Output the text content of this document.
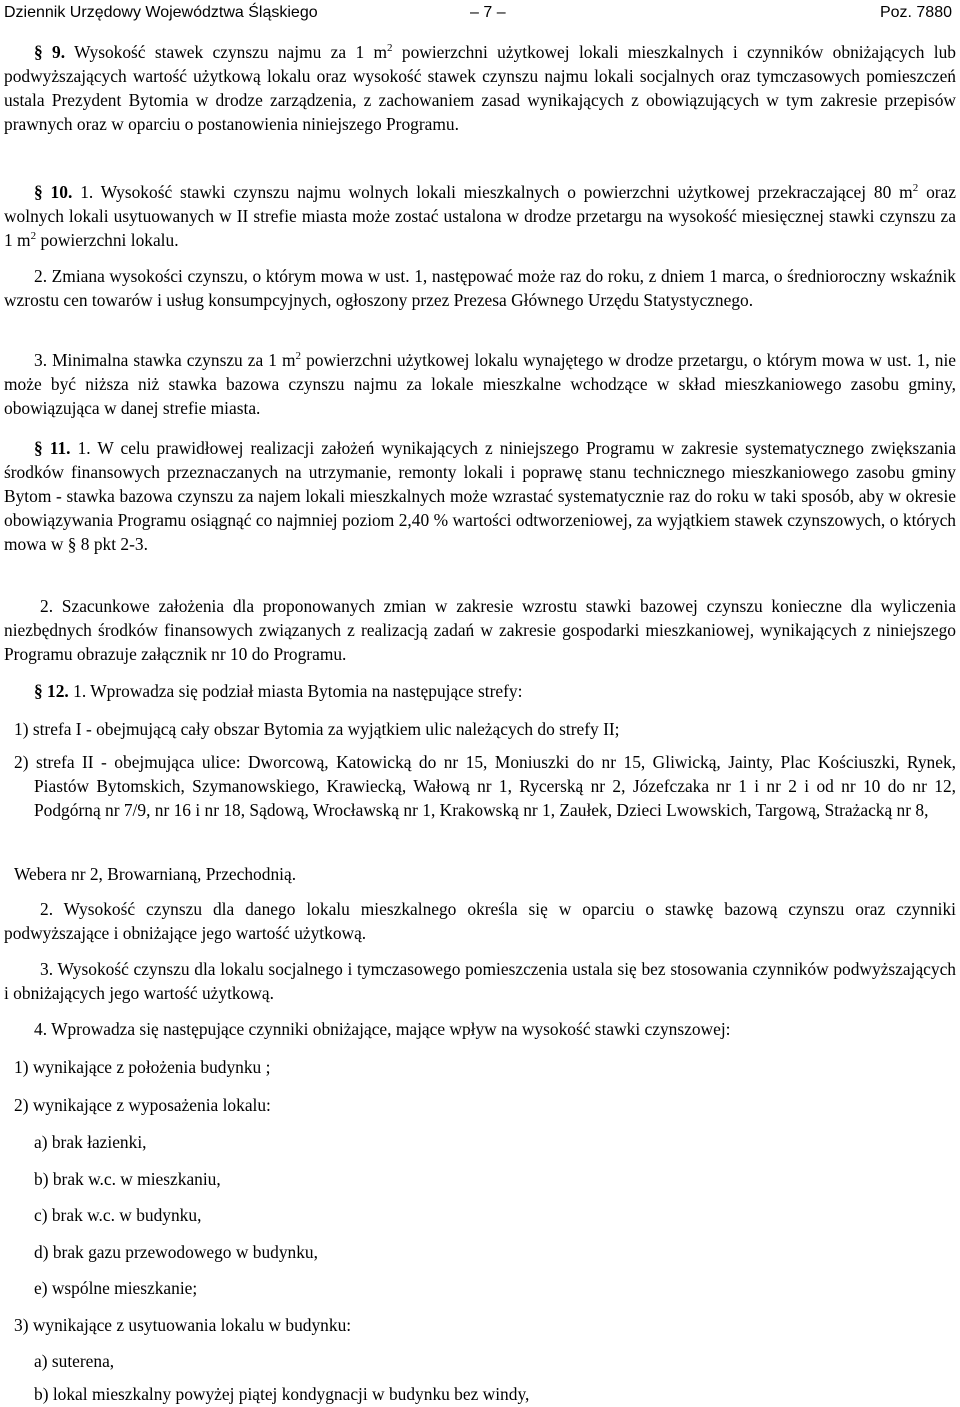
Dziennik Urzędowy Województwa Śląskiego	– 7 –	Poz. 7880

§ 9. Wysokość stawek czynszu najmu za 1 $m^2$ powierzchni użytkowej lokali mieszkalnych i czynników obniżających lub podwyższających wartość użytkową lokalu oraz wysokość stawek czynszu najmu lokali socjalnych oraz tymczasowych pomieszczeń ustala Prezydent Bytomia w drodze zarządzenia, z zachowaniem zasad wynikających z obowiązujących w tym zakresie przepisów prawnych oraz w oparciu o postanowienia niniejszego Programu.

§ 10. 1. Wysokość stawki czynszu najmu wolnych lokali mieszkalnych o powierzchni użytkowej przekraczającej 80 $m^2$ oraz wolnych lokali usytuowanych w II strefie miasta może zostać ustalona w drodze przetargu na wysokość miesięcznej stawki czynszu za 1 $m^2$ powierzchni lokalu.

2. Zmiana wysokości czynszu, o którym mowa w ust. 1, następować może raz do roku, z dniem 1 marca, o średnioroczny wskaźnik wzrostu cen towarów i usług konsumpcyjnych, ogłoszony przez Prezesa Głównego Urzędu Statystycznego.

3. Minimalna stawka czynszu za 1 $m^2$ powierzchni użytkowej lokalu wynajętego w drodze przetargu, o którym mowa w ust. 1, nie może być niższa niż stawka bazowa czynszu najmu za lokale mieszkalne wchodzące w skład mieszkaniowego zasobu gminy, obowiązująca w danej strefie miasta.

§ 11. 1. W celu prawidłowej realizacji założeń wynikających z niniejszego Programu w zakresie systematycznego zwiększania środków finansowych przeznaczanych na utrzymanie, remonty lokali i poprawę stanu technicznego mieszkaniowego zasobu gminy Bytom - stawka bazowa czynszu za najem lokali mieszkalnych może wzrastać systematycznie raz do roku w taki sposób, aby w okresie obowiązywania Programu osiągnąć co najmniej poziom 2,40 % wartości odtworzeniowej, za wyjątkiem stawek czynszowych, o których mowa w § 8 pkt 2-3.

2. Szacunkowe założenia dla proponowanych zmian w zakresie wzrostu stawki bazowej czynszu konieczne dla wyliczenia niezbędnych środków finansowych związanych z realizacją zadań w zakresie gospodarki mieszkaniowej, wynikających z niniejszego Programu obrazuje załącznik nr 10 do Programu.

§ 12. 1. Wprowadza się podział miasta Bytomia na następujące strefy:

1) strefa I - obejmującą cały obszar Bytomia za wyjątkiem ulic należących do strefy II;

2) strefa II - obejmująca ulice: Dworcową, Katowicką do nr 15, Moniuszki do nr 15, Gliwicką, Jainty, Plac Kościuszki, Rynek, Piastów Bytomskich, Szymanowskiego, Krawiecką, Wałową nr 1, Rycerską nr 2, Józefczaka nr 1 i nr 2 i od nr 10 do nr 12, Podgórną nr 7/9, nr 16 i nr 18, Sądową, Wrocławską nr 1, Krakowską nr 1, Zaułek, Dzieci Lwowskich, Targową, Strażacką nr 8,

Webera nr 2, Browarnianą, Przechodnią.

2. Wysokość czynszu dla danego lokalu mieszkalnego określa się w oparciu o stawkę bazową czynszu oraz czynniki podwyższające i obniżające jego wartość użytkową.

3. Wysokość czynszu dla lokalu socjalnego i tymczasowego pomieszczenia ustala się bez stosowania czynników podwyższających i obniżających jego wartość użytkową.

4. Wprowadza się następujące czynniki obniżające, mające wpływ na wysokość stawki czynszowej:

1) wynikające z położenia budynku ;

2) wynikające z wyposażenia lokalu:

a) brak łazienki,

b) brak w.c. w mieszkaniu,

c) brak w.c. w budynku,

d) brak gazu przewodowego w budynku,

e) wspólne mieszkanie;

3) wynikające z usytuowania lokalu w budynku:

a) suterena,

b) lokal mieszkalny powyżej piątej kondygnacji w budynku bez windy,
